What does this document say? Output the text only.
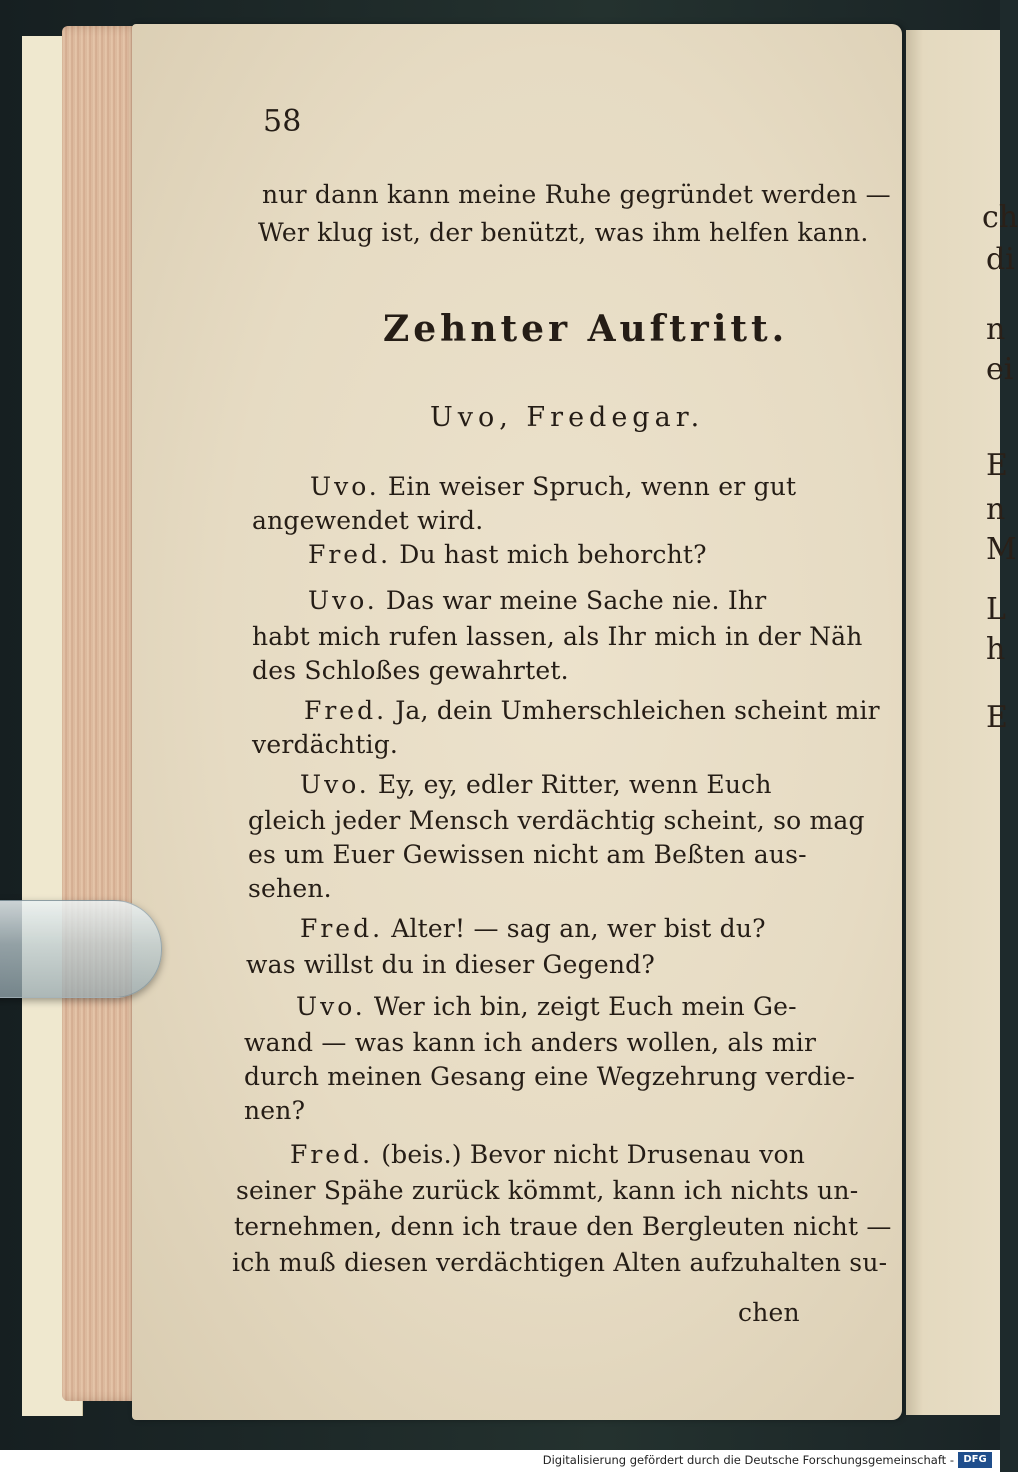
ch
di
n
ei
E
n
M
L
h
E
58
nur dann kann meine Ruhe gegründet werden —
Wer klug ist, der benützt, was ihm helfen kann.
Zehnter Auftritt.
Uvo, Fredegar.
Uvo. Ein weiser Spruch, wenn er gut
angewendet wird.
Fred. Du hast mich behorcht?
Uvo. Das war meine Sache nie. Ihr
habt mich rufen lassen, als Ihr mich in der Näh
des Schloßes gewahrtet.
Fred. Ja, dein Umherschleichen scheint mir
verdächtig.
Uvo. Ey, ey, edler Ritter, wenn Euch
gleich jeder Mensch verdächtig scheint, so mag
es um Euer Gewissen nicht am Beßten aus-
sehen.
Fred. Alter! — sag an, wer bist du?
was willst du in dieser Gegend?
Uvo. Wer ich bin, zeigt Euch mein Ge-
wand — was kann ich anders wollen, als mir
durch meinen Gesang eine Wegzehrung verdie-
nen?
Fred. (beis.) Bevor nicht Drusenau von
seiner Spähe zurück kömmt, kann ich nichts un-
ternehmen, denn ich traue den Bergleuten nicht —
ich muß diesen verdächtigen Alten aufzuhalten su-
chen
Digitalisierung gefördert durch die Deutsche Forschungsgemeinschaft - DFG
